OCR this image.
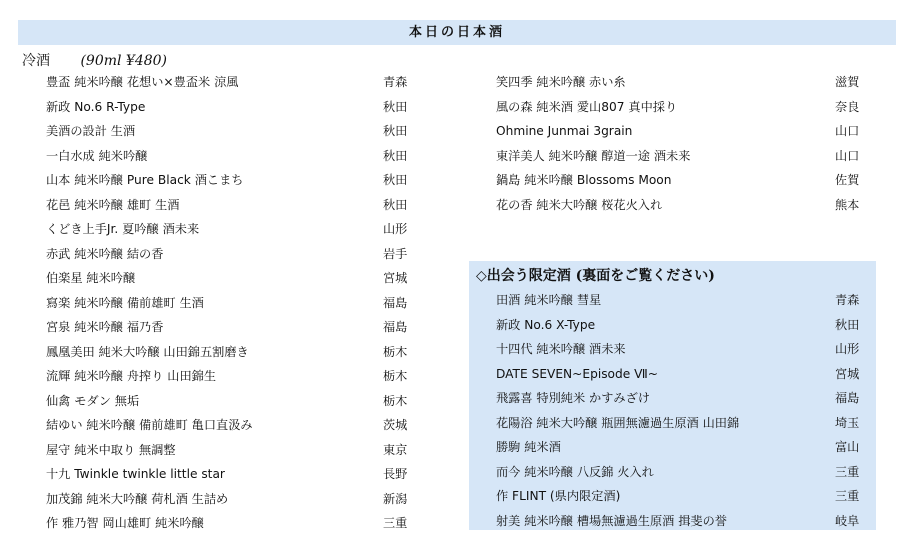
本日の日本酒
冷酒 (90ml ¥480)
豊盃 純米吟醸 花想い×豊盃米 涼風	青森
新政 No.6 R-Type	秋田
美酒の設計 生酒	秋田
一白水成 純米吟醸	秋田
山本 純米吟醸 Pure Black 酒こまち	秋田
花邑 純米吟醸 雄町 生酒	秋田
くどき上手Jr. 夏吟醸 酒未来	山形
赤武 純米吟醸 結の香	岩手
伯楽星 純米吟醸	宮城
寫楽 純米吟醸 備前雄町 生酒	福島
宮泉 純米吟醸 福乃香	福島
鳳凰美田 純米大吟醸 山田錦五割磨き	栃木
流輝 純米吟醸 舟搾り 山田錦生	栃木
仙禽 モダン 無垢	栃木
結ゆい 純米吟醸 備前雄町 亀口直汲み	茨城
屋守 純米中取り 無調整	東京
十九 Twinkle twinkle little star	長野
加茂錦 純米大吟醸 荷札酒 生詰め	新潟
作 雅乃智 岡山雄町 純米吟醸	三重
笑四季 純米吟醸 赤い糸	滋賀
風の森 純米酒 愛山807 真中採り	奈良
Ohmine Junmai 3grain	山口
東洋美人 純米吟醸 醇道一途 酒未来	山口
鍋島 純米吟醸 Blossoms Moon	佐賀
花の香 純米大吟醸 桜花火入れ	熊本
◇出会う限定酒 (裏面をご覧ください)
田酒 純米吟醸 彗星	青森
新政 No.6 X-Type	秋田
十四代 純米吟醸 酒未来	山形
DATE SEVEN~Episode Ⅶ~	宮城
飛露喜 特別純米 かすみざけ	福島
花陽浴 純米大吟醸 瓶囲無濾過生原酒 山田錦	埼玉
勝駒 純米酒	富山
而今 純米吟醸 八反錦 火入れ	三重
作 FLINT (県内限定酒)	三重
射美 純米吟醸 槽場無濾過生原酒 揖斐の誉	岐阜
